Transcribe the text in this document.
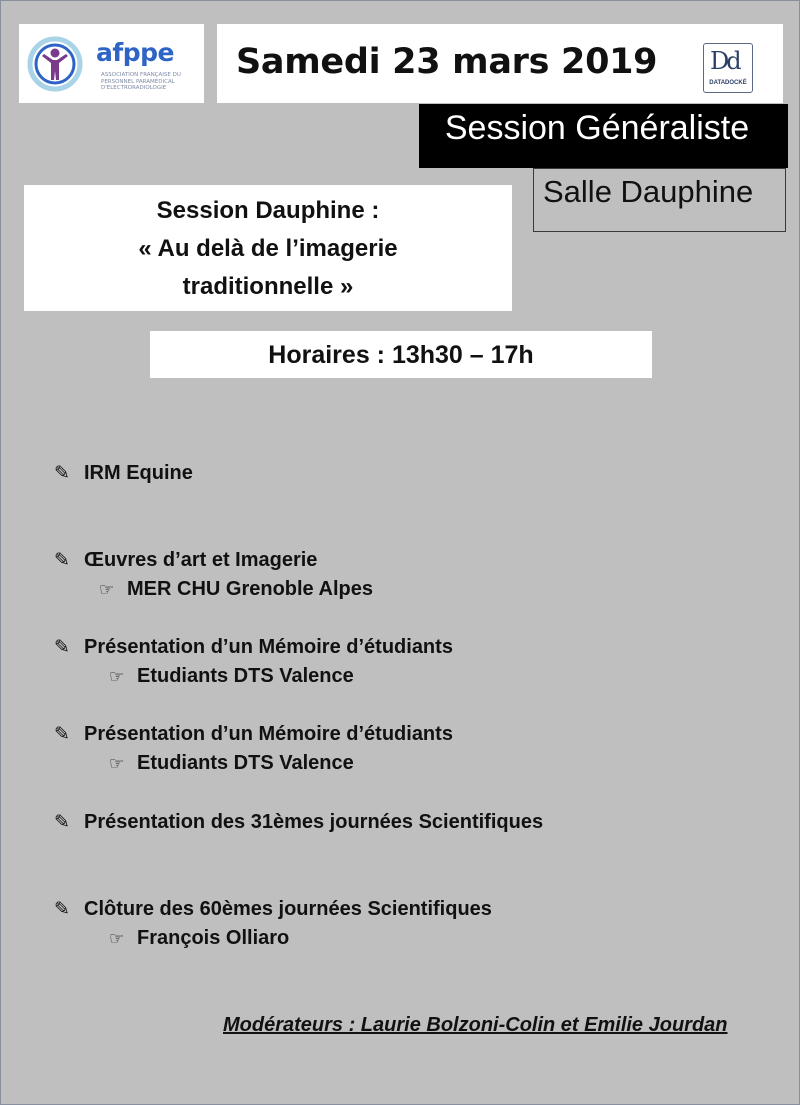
afppe
ASSOCIATION FRANÇAISE DU PERSONNEL PARAMÉDICAL D'ELECTRORADIOLOGIE
Samedi 23 mars 2019 Dd
DATADOCKÉ
Session Généraliste
Salle Dauphine
Session Dauphine :
« Au delà de l’imagerie
traditionnelle »
Horaires : 13h30 – 17h
✎ IRM Equine
✎ Œuvres d’art et Imagerie
☞ MER CHU Grenoble Alpes
✎ Présentation d’un Mémoire d’étudiants
☞ Etudiants DTS Valence
✎ Présentation d’un Mémoire d’étudiants
☞ Etudiants DTS Valence
✎ Présentation des 31èmes journées Scientifiques
✎ Clôture des 60èmes journées Scientifiques
☞ François Olliaro
Modérateurs : Laurie Bolzoni-Colin et Emilie Jourdan
